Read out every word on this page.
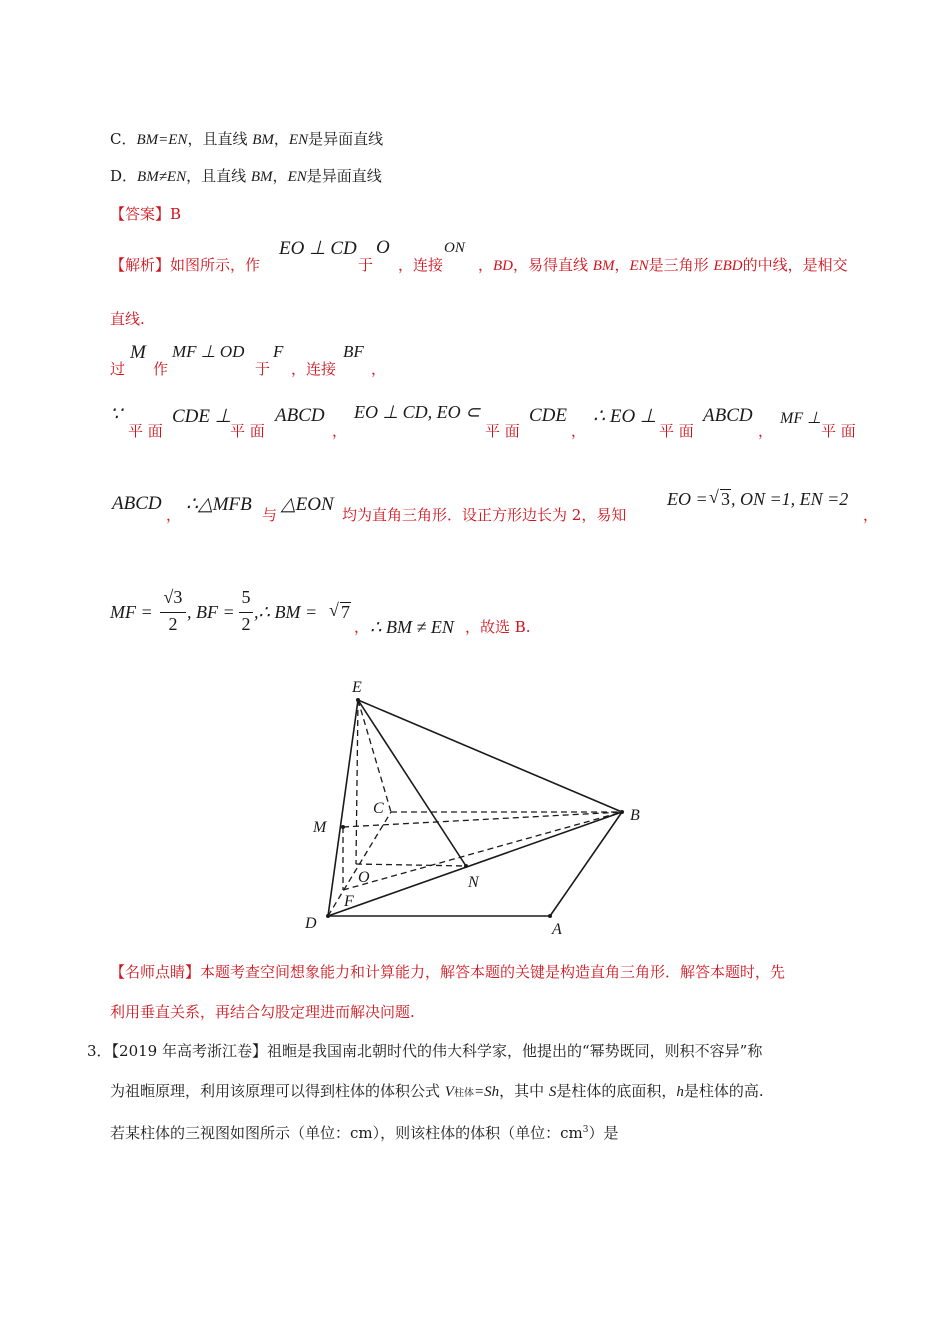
C．BM=EN，且直线 BM，EN是异面直线
D．BM≠EN，且直线 BM，EN是异面直线
【答案】B
【解析】如图所示，作
EO ⊥ CD
于
O
，连接
ON
，BD，易得直线 BM，EN是三角形 EBD的中线，是相交
直线.
过
M
作
MF ⊥ OD
于
F
，连接
BF
，
∵
平 面
CDE ⊥
平 面
ABCD
，
EO ⊥ CD, EO ⊂
平 面
CDE
，
∴ EO ⊥
平 面
ABCD
，
MF ⊥
平 面
ABCD
， ∴△MFB 与 △EON 均为直角三角形．设正方形边长为 2，易知
EO = √ 3 , ON =1, EN =2
，
MF =
√3
2
, BF =
5
2
,∴ BM = √ 7
， ∴ BM ≠ EN ，故选 B.
E
C	B
M
O	N
F
D	A
【名师点睛】本题考查空间想象能力和计算能力，解答本题的关键是构造直角三角形．解答本题时，先
利用垂直关系，再结合勾股定理进而解决问题.
3．【2019 年高考浙江卷】祖暅是我国南北朝时代的伟大科学家，他提出的“幂势既同，则积不容异”称
为祖暅原理，利用该原理可以得到柱体的体积公式 V柱体=Sh，其中 S是柱体的底面积，h是柱体的高.
若某柱体的三视图如图所示（单位：cm），则该柱体的体积（单位：$cm^3$）是
